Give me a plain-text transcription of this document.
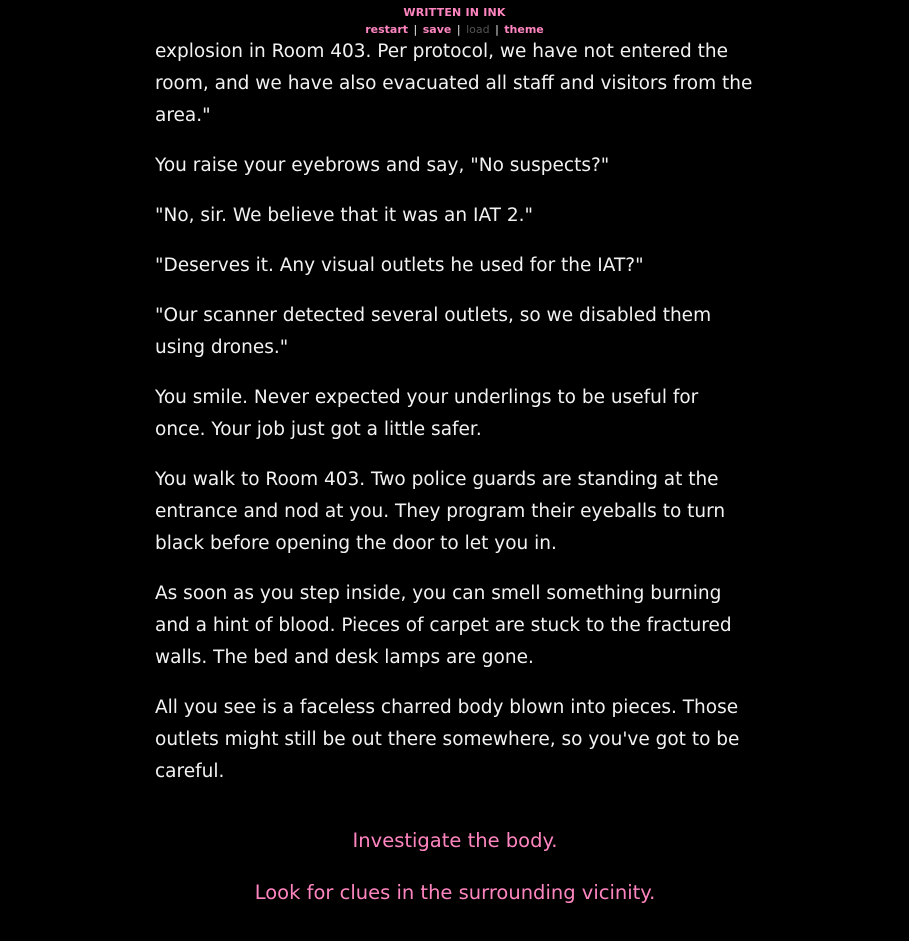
WRITTEN IN INK
restart | save | load | theme

explosion in Room 403. Per protocol, we have not entered the room, and we have also evacuated all staff and visitors from the area."

You raise your eyebrows and say, "No suspects?"

"No, sir. We believe that it was an IAT 2."

"Deserves it. Any visual outlets he used for the IAT?"

"Our scanner detected several outlets, so we disabled them using drones."

You smile. Never expected your underlings to be useful for once. Your job just got a little safer.

You walk to Room 403. Two police guards are standing at the entrance and nod at you. They program their eyeballs to turn black before opening the door to let you in.

As soon as you step inside, you can smell something burning and a hint of blood. Pieces of carpet are stuck to the fractured walls. The bed and desk lamps are gone.

All you see is a faceless charred body blown into pieces. Those outlets might still be out there somewhere, so you've got to be careful.

Investigate the body.
Look for clues in the surrounding vicinity.
